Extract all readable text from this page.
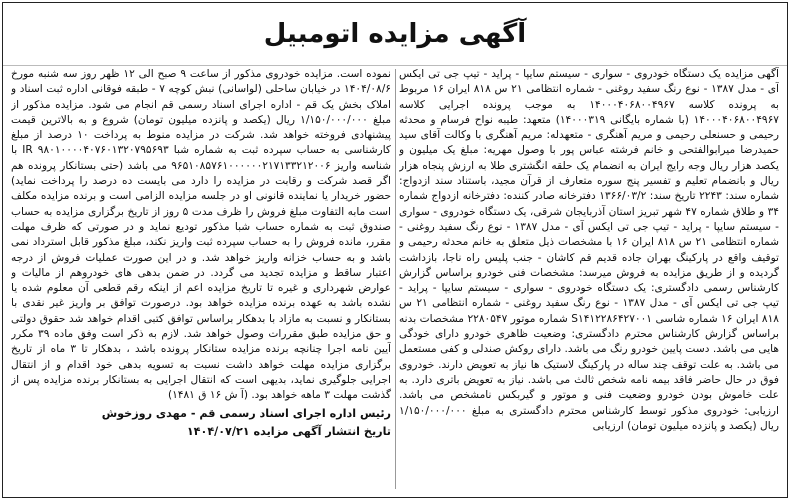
آگهی مزایده اتومبیل
آگهی مزایده یک دستگاه خودروی - سواری - سیستم سایپا - پراید - تیپ جی تی ایکس آی - مدل ۱۳۸۷ - نوع رنگ سفید روغنی - شماره انتظامی ۲۱ س ۸۱۸ ایران ۱۶ مربوط به پرونده کلاسه ۱۴۰۰۰۴۰۶۸۰۰۴۹۶۷ به موجب پرونده اجرایی کلاسه ۱۴۰۰۰۴۰۶۸۰۰۴۹۶۷ (با شماره بایگانی ۱۴۰۰۰۳۱۹) متعهد: طیبه نواح فرسام و محدثه رحیمی و حسنعلی رحیمی و مریم آهنگری - متعهدله: مریم آهنگری با وکالت آقای سید حمیدرضا میرابوالفتحی و خانم فرشته عباس پور با وصول مهریه: مبلغ یک میلیون و یکصد هزار ریال وجه رایج ایران به انضمام یک حلقه انگشتری طلا به ارزش پنجاه هزار ریال و بانضمام تعلیم و تفسیر پنج سوره متعارف از قرآن مجید، باستناد سند ازدواج: شماره سند: ۲۲۴۳ تاریخ سند: ۱۳۶۶/۰۳/۲ دفترخانه صادر کننده: دفترخانه ازدواج شماره ۳۴ و طلاق شماره ۴۷ شهر تبریز استان آذربایجان شرقی، یک دستگاه خودروی - سواری - سیستم سایپا - پراید - تیپ جی تی ایکس آی - مدل ۱۳۸۷ - نوع رنگ سفید روغنی - شماره انتظامی ۲۱ س ۸۱۸ ایران ۱۶ با مشخصات ذیل متعلق به خانم محدثه رحیمی و توقیف واقع در پارکینگ بهران جاده قدیم قم کاشان - جنب پلیس راه ناجا، بازداشت گردیده و از طریق مزایده به فروش میرسد: مشخصات فنی خودرو براساس گزارش کارشناس رسمی دادگستری: یک دستگاه خودروی - سواری - سیستم سایپا - پراید - تیپ جی تی ایکس آی - مدل ۱۳۸۷ - نوع رنگ سفید روغنی - شماره انتظامی ۲۱ س ۸۱۸ ایران ۱۶ شماره شاسی S۱۴۱۲۲۸۶۴۲۷۰۰۱ شماره موتور ۲۲۸۰۵۴۷ مشخصات بدنه براساس گزارش کارشناس محترم دادگستری: وضعیت ظاهری خودرو دارای خودگی هایی می باشد. دست پایین خودرو رنگ می باشد. دارای روکش صندلی و کفی مستعمل می باشد. به علت توقف چند ساله در پارکینگ لاستیک ها نیاز به تعویض دارند. خودروی فوق در حال حاضر فاقد بیمه نامه شخص ثالث می باشد. نیاز به تعویض باتری دارد. به علت خاموش بودن خودرو وضعیت فنی و موتور و گیربکس نامشخص می باشد. ارزیابی: خودروی مذکور توسط کارشناس محترم دادگستری به مبلغ ۱/۱۵۰/۰۰۰/۰۰۰ ریال (یکصد و پانزده میلیون تومان) ارزیابی
نموده است. مزایده خودروی مذکور از ساعت ۹ صبح الی ۱۲ ظهر روز سه شنبه مورخ ۱۴۰۴/۰۸/۶ در خیابان ساحلی (لواسانی) نبش کوچه ۷ - طبقه فوقانی اداره ثبت اسناد و املاک بخش یک قم - اداره اجرای اسناد رسمی قم انجام می شود. مزایده مذکور از مبلغ ۱/۱۵۰/۰۰۰/۰۰۰ ریال (یکصد و پانزده میلیون تومان) شروع و به بالاترین قیمت پیشنهادی فروخته خواهد شد. شرکت در مزایده منوط به پرداخت ۱۰ درصد از مبلغ کارشناسی به حساب سپرده ثبت به شماره شبا IR ۹۸۰۱۰۰۰۰۴۰۷۶۰۱۳۲۰۷۹۵۶۹۳ با شناسه واریز ۹۶۵۱۰۸۵۷۶۱۰۰۰۰۰۰۲۱۷۱۳۳۲۱۲۰۰۶ می باشد (حتی بستانکار پرونده هم اگر قصد شرکت و رقابت در مزایده را دارد می بایست ده درصد را پرداخت نماید) حضور خریدار یا نماینده قانونی او در جلسه مزایده الزامی است و برنده مزایده مکلف است مابه التفاوت مبلغ فروش را ظرف مدت ۵ روز از تاریخ برگزاری مزایده به حساب صندوق ثبت به شماره حساب شبا مذکور تودیع نماید و در صورتی که ظرف مهلت مقرر، مانده فروش را به حساب سپرده ثبت واریز نکند، مبلغ مذکور قابل استرداد نمی باشد و به حساب خزانه واریز خواهد شد. و در این صورت عملیات فروش از درجه اعتبار ساقط و مزایده تجدید می گردد. در ضمن بدهی های خودروهم از مالیات و عوارض شهرداری و غیره تا تاریخ مزایده اعم از اینکه رقم قطعی آن معلوم شده یا نشده باشد به عهده برنده مزایده خواهد بود. درصورت توافق بر واریز غیر نقدی با بستانکار و نسبت به مازاد با بدهکار براساس توافق کتبی اقدام خواهد شد حقوق دولتی و حق مزایده طبق مقررات وصول خواهد شد. لازم به ذکر است وفق ماده ۳۹ مکرر آیین نامه اجرا چنانچه برنده مزایده ستانکار پرونده باشد ، بدهکار تا ۳ ماه از تاریخ برگزاری مزایده مهلت خواهد داشت نسبت به تسویه بدهی خود اقدام و از انتقال اجرایی جلوگیری نماید، بدیهی است که انتقال اجرایی به بستانکار برنده مزایده پس از گذشت مهلت ۳ ماهه خواهد بود. (آ ش ۱۶ ق ۱۴۸۱)
رئیس اداره اجرای اسناد رسمی قم - مهدی روزخوش
تاریخ انتشار آگهی مزایده ۱۴۰۴/۰۷/۲۱
